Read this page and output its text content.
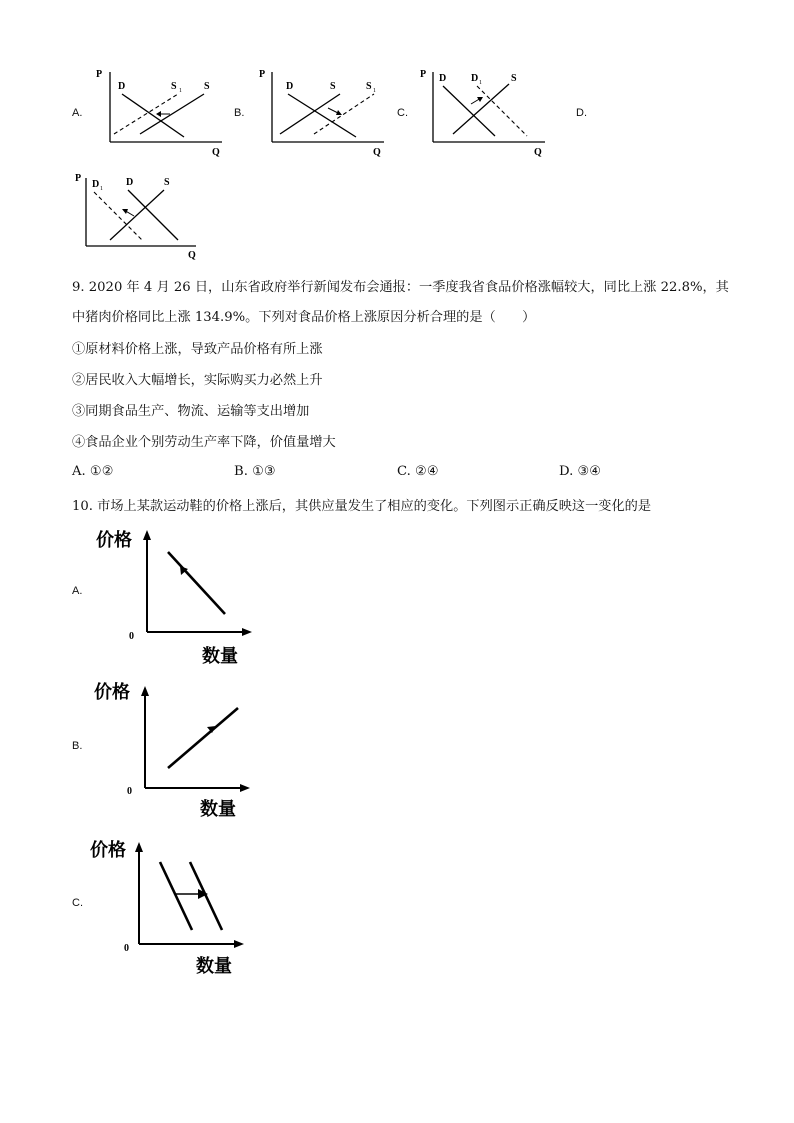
A.	B.	C.	D.
P
Q
D	S 1 S
P
Q
D	S	S 1
P
Q
D D 1	S
P
Q
D 1
D	S
9. 2020 年 4 月 26 日，山东省政府举行新闻发布会通报：一季度我省食品价格涨幅较大，同比上涨 22.8%，其
中猪肉价格同比上涨 134.9%。下列对食品价格上涨原因分析合理的是（　　）
①原材料价格上涨，导致产品价格有所上涨
②居民收入大幅增长，实际购买力必然上升
③同期食品生产、物流、运输等支出增加
④食品企业个别劳动生产率下降，价值量增大
A. ①②	B. ①③	C. ②④	D. ③④
10. 市场上某款运动鞋的价格上涨后，其供应量发生了相应的变化。下列图示正确反映这一变化的是
A.
B.
C.
价格
数量
0
价格
数量
0
价格
数量
0
